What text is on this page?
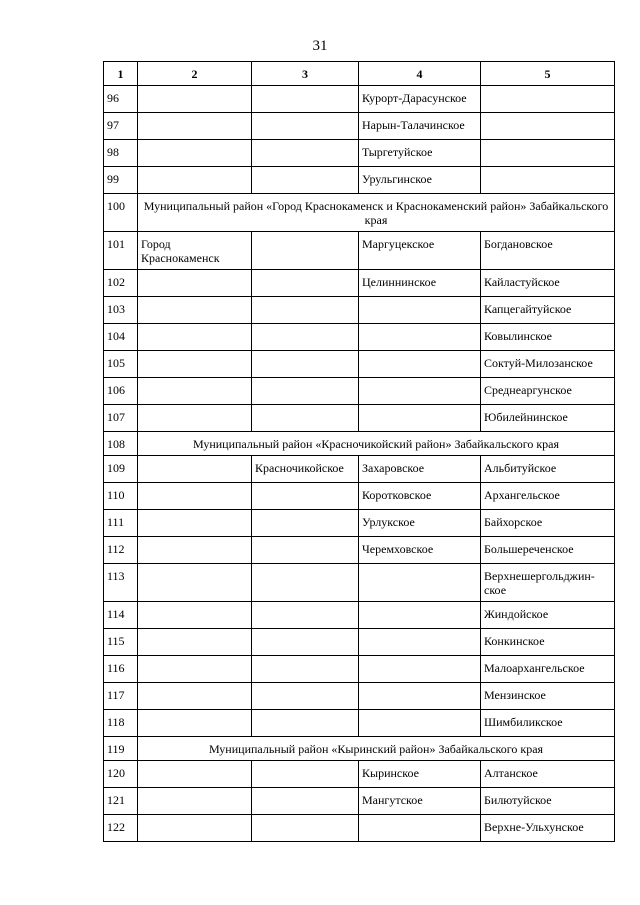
31
1	2	3	4	5
96			Курорт-Дарасунское	
97			Нарын-Талачинское	
98			Тыргетуйское	
99			Урульгинское	
100	Муниципальный район «Город Краснокаменск и Краснокаменский район» Забайкальского края			
101	Город Краснокаменск		Маргуцекское	Богдановское
102			Целиннинское	Кайластуйское
103				Капцегайтуйское
104				Ковылинское
105				Соктуй-Милозанское
106				Среднеаргунское
107				Юбилейнинское
108	Муниципальный район «Красночикойский район» Забайкальского края			
109		Красночикойское	Захаровское	Альбитуйское
110			Коротковское	Архангельское
111			Урлукское	Байхорское
112			Черемховское	Большереченское
113				Верхнешергольджин-ское
114				Жиндойское
115				Конкинское
116				Малоархангельское
117				Мензинское
118				Шимбиликское
119	Муниципальный район «Кыринский район» Забайкальского края			
120			Кыринское	Алтанское
121			Мангутское	Билютуйское
122				Верхне-Ульхунское
